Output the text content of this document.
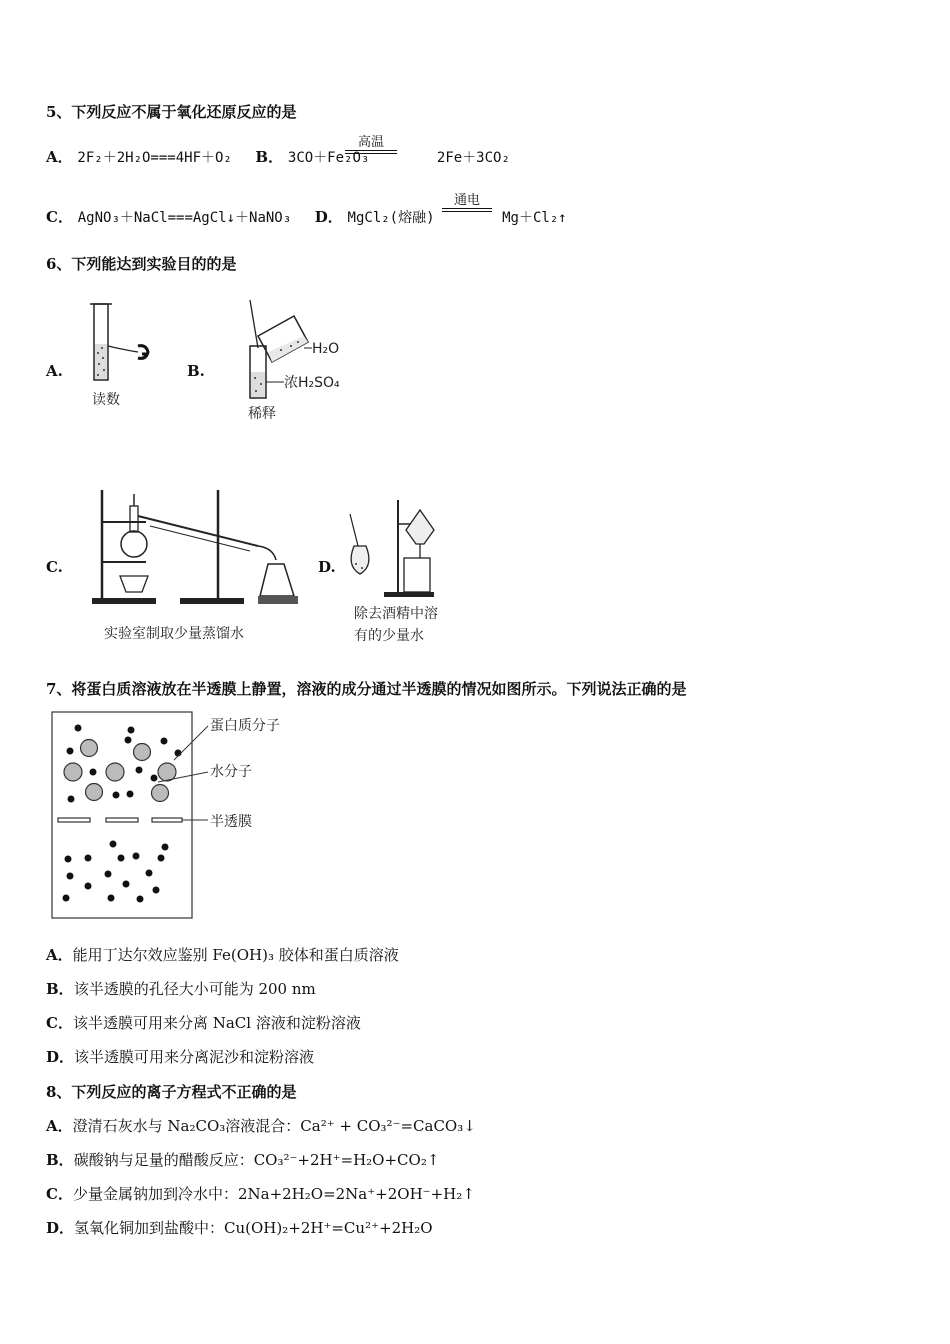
5、下列反应不属于氧化还原反应的是
A． 2F₂＋2H₂O===4HF＋O₂ B． 3CO＋Fe₂O₃	2Fe＋3CO₂
高温
C． AgNO₃＋NaCl===AgCl↓＋NaNO₃ D． MgCl₂(熔融)	Mg＋Cl₂↑
通电
6、下列能达到实验目的的是
A.
读数
B.
H₂O
浓H₂SO₄
稀释
C.
实验室制取少量蒸馏水
D.
除去酒精中溶
有的少量水
7、将蛋白质溶液放在半透膜上静置，溶液的成分通过半透膜的情况如图所示。下列说法正确的是
蛋白质分子
水分子
半透膜
A．能用丁达尔效应鉴别 Fe(OH)₃ 胶体和蛋白质溶液
B．该半透膜的孔径大小可能为 200 nm
C．该半透膜可用来分离 NaCl 溶液和淀粉溶液
D．该半透膜可用来分离泥沙和淀粉溶液
8、下列反应的离子方程式不正确的是
A．澄清石灰水与 Na₂CO₃溶液混合：Ca²⁺ + CO₃²⁻=CaCO₃↓
B．碳酸钠与足量的醋酸反应：CO₃²⁻+2H⁺=H₂O+CO₂↑
C．少量金属钠加到冷水中：2Na+2H₂O=2Na⁺+2OH⁻+H₂↑
D．氢氧化铜加到盐酸中：Cu(OH)₂+2H⁺=Cu²⁺+2H₂O
